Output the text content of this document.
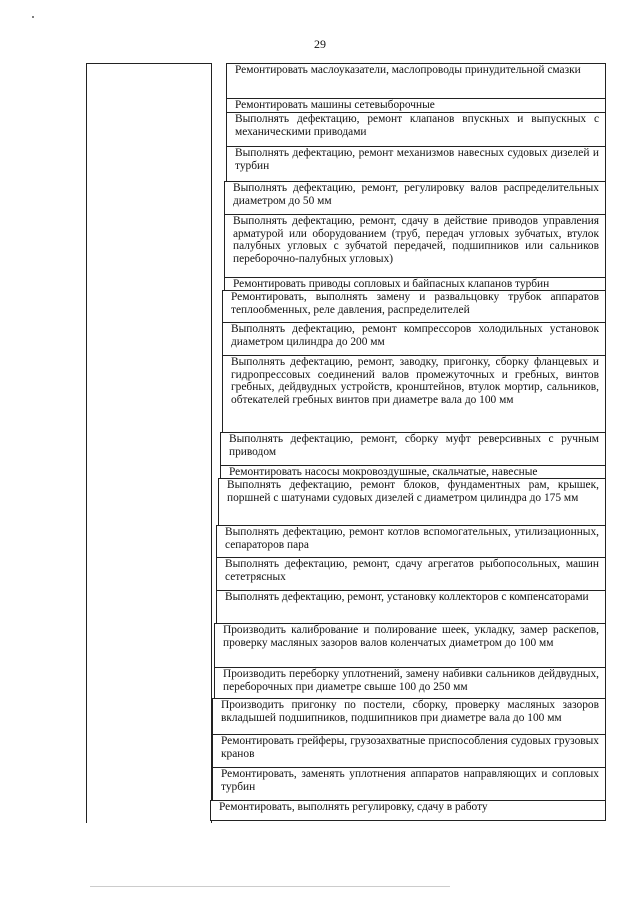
29
Ремонтировать маслоуказатели, маслопроводы принудительной смазки
Ремонтировать машины сетевыборочные
Выполнять дефектацию, ремонт клапанов впускных и выпускных с механическими приводами
Выполнять дефектацию, ремонт механизмов навесных судовых дизелей и турбин
Выполнять дефектацию, ремонт, регулировку валов распределительных диаметром до 50 мм
Выполнять дефектацию, ремонт, сдачу в действие приводов управления арматурой или оборудованием (труб, передач угловых зубчатых, втулок палубных угловых с зубчатой передачей, подшипников или сальников переборочно-палубных угловых)
Ремонтировать приводы сопловых и байпасных клапанов турбин
Ремонтировать, выполнять замену и развальцовку трубок аппаратов теплообменных, реле давления, распределителей
Выполнять дефектацию, ремонт компрессоров холодильных установок диаметром цилиндра до 200 мм
Выполнять дефектацию, ремонт, заводку, пригонку, сборку фланцевых и гидропрессовых соединений валов промежуточных и гребных, винтов гребных, дейдвудных устройств, кронштейнов, втулок мортир, сальников, обтекателей гребных винтов при диаметре вала до 100 мм
Выполнять дефектацию, ремонт, сборку муфт реверсивных с ручным приводом
Ремонтировать насосы мокровоздушные, скальчатые, навесные
Выполнять дефектацию, ремонт блоков, фундаментных рам, крышек, поршней с шатунами судовых дизелей с диаметром цилиндра до 175 мм
Выполнять дефектацию, ремонт котлов вспомогательных, утилизационных, сепараторов пара
Выполнять дефектацию, ремонт, сдачу агрегатов рыбопосольных, машин сететрясных
Выполнять дефектацию, ремонт, установку коллекторов с компенсаторами
Производить калибрование и полирование шеек, укладку, замер раскепов, проверку масляных зазоров валов коленчатых диаметром до 100 мм
Производить переборку уплотнений, замену набивки сальников дейдвудных, переборочных при диаметре свыше 100 до 250 мм
Производить пригонку по постели, сборку, проверку масляных зазоров вкладышей подшипников, подшипников при диаметре вала до 100 мм
Ремонтировать грейферы, грузозахватные приспособления судовых грузовых кранов
Ремонтировать, заменять уплотнения аппаратов направляющих и сопловых турбин
Ремонтировать, выполнять регулировку, сдачу в работу
